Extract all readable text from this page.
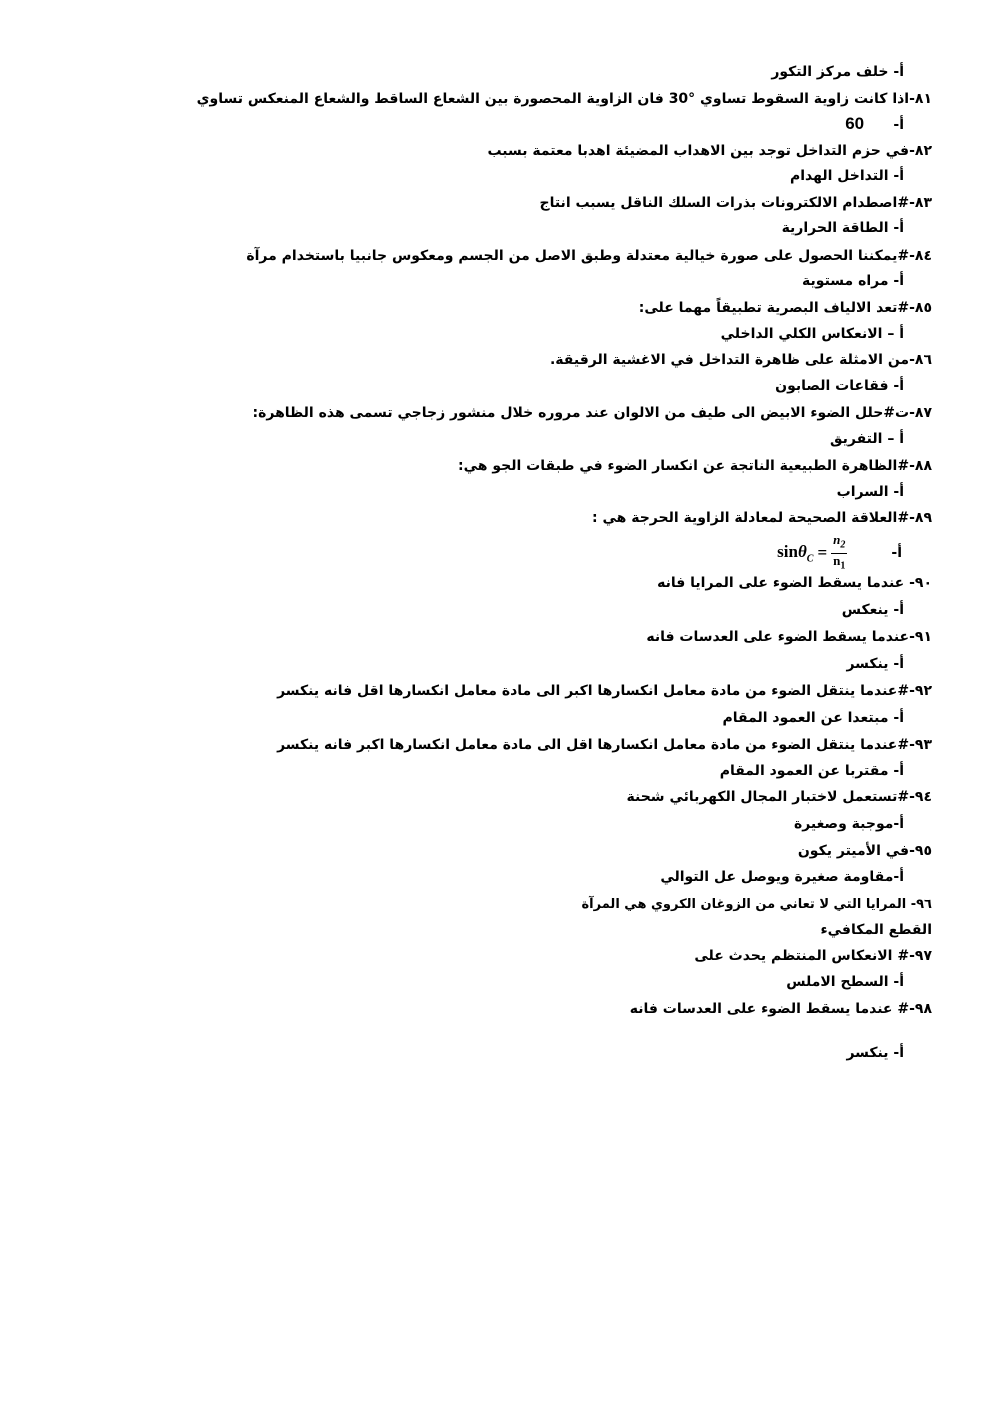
أ- خلف مركز التكور
٨١-اذا كانت زاوية السقوط تساوي °30 فان الزاوية المحصورة بين الشعاع الساقط والشعاع المنعكس تساوي
أ-      60
٨٢-في حزم التداخل توجد بين الاهداب المضيئة اهدبا معتمة بسبب
أ- التداخل الهدام
٨٣-#اصطدام الالكترونات بذرات السلك الناقل يسبب انتاج
أ- الطاقة الحرارية
٨٤-#يمكننا الحصول على صورة خيالية معتدلة وطبق الاصل من الجسم ومعكوس جانبيا باستخدام مرآة
أ- مراه مستوية
٨٥-#تعد الالياف البصرية تطبيقاً مهما على:
أ – الانعكاس الكلي الداخلي
٨٦-من الامثلة على ظاهرة التداخل في الاغشية الرقيقة.
أ- فقاعات الصابون
٨٧-ت#حلل الضوء الابيض الى طيف من الالوان عند مروره خلال منشور زجاجي تسمى هذه الظاهرة:
أ – التفريق
٨٨-#الظاهرة الطبيعية الناتجة عن انكسار الضوء في طبقات الجو هي:
أ- السراب
٨٩-#العلاقة الصحيحة لمعادلة الزاوية الحرجة هي :
$\sin\theta_C = \frac{n_2}{n_1}$	أ-
٩٠- عندما يسقط الضوء على المرايا فانه
أ- ينعكس
٩١-عندما يسقط الضوء على العدسات فانه
أ- ينكسر
٩٢-#عندما ينتقل الضوء من مادة معامل انكسارها اكبر الى مادة معامل انكسارها اقل فانه ينكسر
أ- مبتعدا عن العمود المقام
٩٣-#عندما ينتقل الضوء من مادة معامل انكسارها اقل الى مادة معامل انكسارها اكبر فانه ينكسر
أ- مقتربا عن العمود المقام
٩٤-#تستعمل لاختبار المجال الكهربائي شحنة
أ-موجبة وصغيرة
٩٥-في الأميتر يكون
أ-مقاومة صغيرة ويوصل عل التوالي
٩٦- المرايا التي لا تعاني من الزوغان الكروي هي المرآة
القطع المكافيء
٩٧-# الانعكاس المنتظم يحدث على
أ- السطح الاملس
٩٨-# عندما يسقط الضوء على العدسات فانه
أ- ينكسر
